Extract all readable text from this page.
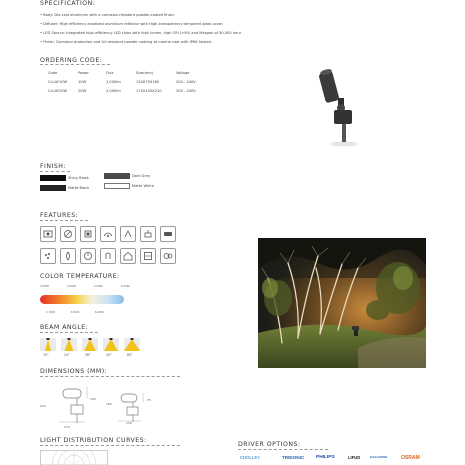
SPECIFICATION:
• Body: Die-cast aluminum with a corrosion-resistant powder-coated finish.
• Diffuser: High efficiency anodized aluminum reflector with High-transparency tempered glass cover.
• LED Source: Integrated high-efficiency LED chips with high lumen, high CRI (>90) and lifespan of 50,000 hour
• Finish: Corrosion protection and UV-resistant powder coating at marine coat with IP66 Sealed.
ORDERING CODE:
Code	Power	Flux	Size(mm)	Voltage
CLLAY10W	10W	1,000lm	130X75X160	200 - 240V
CLLAY20W	20W	2,000lm	175X105X210	200 - 240V
FINISH:
Shiny Black	Dark Grey
Matte Black	Matte White
FEATURES:
COLOR TEMPERATURE:
2,000K	3,000K	4,000K	5,000K
2,700K	3,500K	6,000K
BEAM ANGLE:
DIMENSIONS (MM):
210
105
175
160
75
130
LIGHT DISTRIBUTION CURVES:
DRIVER OPTIONS:
CHOLLEY	TRIDONIC PHILIPS	LIFUD	EAGLERISE	OSRAM
15°	24°	36°	45°	60°
